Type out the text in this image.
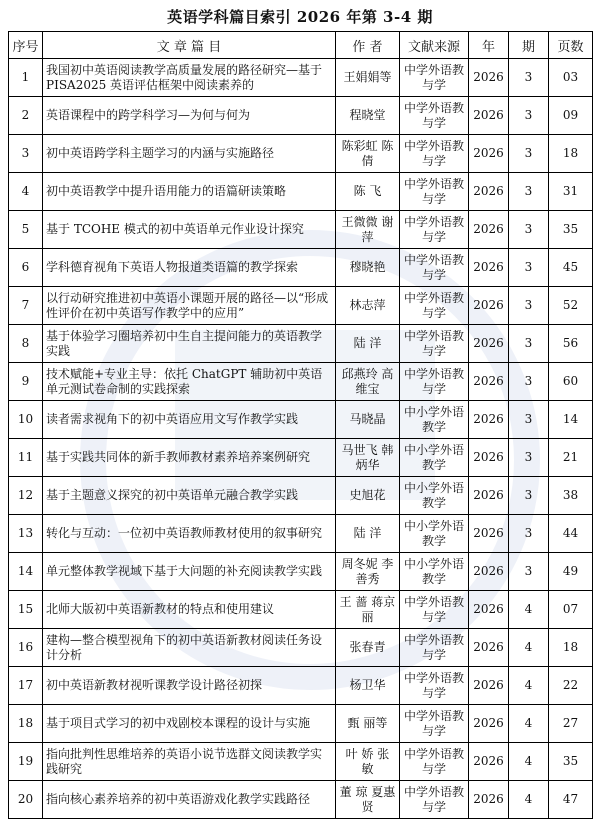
英语学科篇目索引 2026 年第 3-4 期
序号	文 章 篇 目	作 者	文献来源	年	期	页数
1	我国初中英语阅读教学高质量发展的路径研究—基于 PISA2025 英语评估框架中阅读素养的	王娟娟等	中学外语教与学	2026	3	03
2	英语课程中的跨学科学习—为何与何为	程晓堂	中学外语教与学	2026	3	09
3	初中英语跨学科主题学习的内涵与实施路径	陈彩虹 陈 倩	中学外语教与学	2026	3	18
4	初中英语教学中提升语用能力的语篇研读策略	陈 飞	中学外语教与学	2026	3	31
5	基于 TCOHE 模式的初中英语单元作业设计探究	王微微 谢 萍	中学外语教与学	2026	3	35
6	学科德育视角下英语人物报道类语篇的教学探索	穆晓艳	中学外语教与学	2026	3	45
7	以行动研究推进初中英语小课题开展的路径—以“形成性评价在初中英语写作教学中的应用”	林志萍	中学外语教与学	2026	3	52
8	基于体验学习圈培养初中生自主提问能力的英语教学实践	陆 洋	中学外语教与学	2026	3	56
9	技术赋能+专业主导：依托 ChatGPT 辅助初中英语单元测试卷命制的实践探索	邱燕玲 高维宝	中学外语教与学	2026	3	60
10	读者需求视角下的初中英语应用文写作教学实践	马晓晶	中小学外语教学	2026	3	14
11	基于实践共同体的新手教师教材素养培养案例研究	马世飞 韩炳华	中小学外语教学	2026	3	21
12	基于主题意义探究的初中英语单元融合教学实践	史旭花	中小学外语教学	2026	3	38
13	转化与互动：一位初中英语教师教材使用的叙事研究	陆 洋	中小学外语教学	2026	3	44
14	单元整体教学视域下基于大问题的补充阅读教学实践	周冬妮 李善秀	中小学外语教学	2026	3	49
15	北师大版初中英语新教材的特点和使用建议	王 蔷 蒋京丽	中学外语教与学	2026	4	07
16	建构—整合模型视角下的初中英语新教材阅读任务设计分析	张春青	中学外语教与学	2026	4	18
17	初中英语新教材视听课教学设计路径初探	杨卫华	中学外语教与学	2026	4	22
18	基于项目式学习的初中戏剧校本课程的设计与实施	甄 丽等	中学外语教与学	2026	4	27
19	指向批判性思维培养的英语小说节选群文阅读教学实践研究	叶 娇 张 敏	中学外语教与学	2026	4	35
20	指向核心素养培养的初中英语游戏化教学实践路径	董 琼 夏惠贤	中学外语教与学	2026	4	47
